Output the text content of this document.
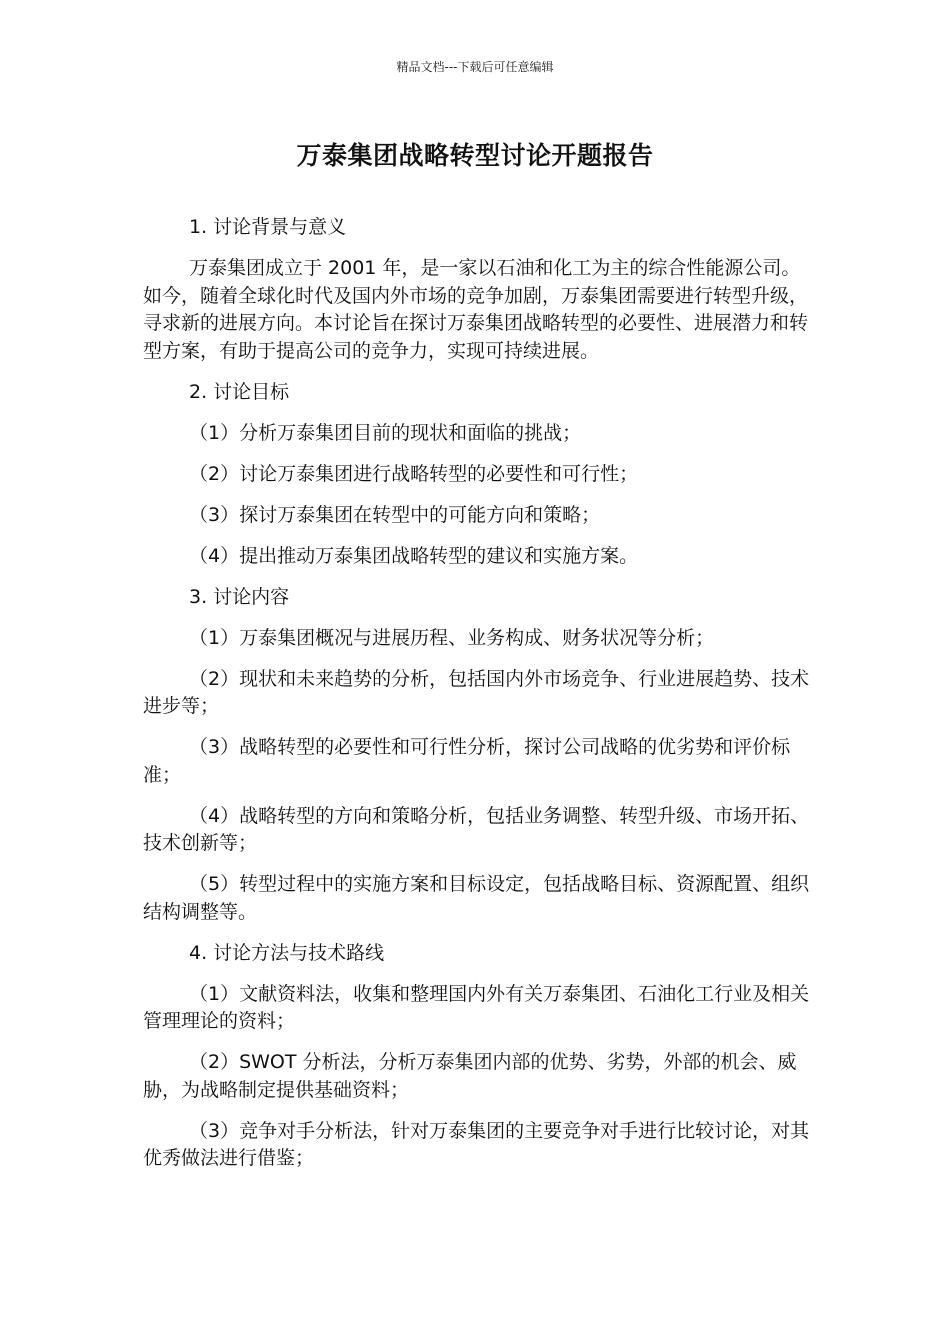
精品文档---下载后可任意编辑
万泰集团战略转型讨论开题报告

1. 讨论背景与意义

万泰集团成立于 2001 年，是一家以石油和化工为主的综合性能源公司。如今，随着全球化时代及国内外市场的竞争加剧，万泰集团需要进行转型升级，寻求新的进展方向。本讨论旨在探讨万泰集团战略转型的必要性、进展潜力和转型方案，有助于提高公司的竞争力，实现可持续进展。

2. 讨论目标

（1）分析万泰集团目前的现状和面临的挑战；

（2）讨论万泰集团进行战略转型的必要性和可行性；

（3）探讨万泰集团在转型中的可能方向和策略；

（4）提出推动万泰集团战略转型的建议和实施方案。

3. 讨论内容

（1）万泰集团概况与进展历程、业务构成、财务状况等分析；

（2）现状和未来趋势的分析，包括国内外市场竞争、行业进展趋势、技术进步等；

（3）战略转型的必要性和可行性分析，探讨公司战略的优劣势和评价标准；

（4）战略转型的方向和策略分析，包括业务调整、转型升级、市场开拓、技术创新等；

（5）转型过程中的实施方案和目标设定，包括战略目标、资源配置、组织结构调整等。

4. 讨论方法与技术路线

（1）文献资料法，收集和整理国内外有关万泰集团、石油化工行业及相关管理理论的资料；

（2）SWOT 分析法，分析万泰集团内部的优势、劣势，外部的机会、威胁，为战略制定提供基础资料；

（3）竞争对手分析法，针对万泰集团的主要竞争对手进行比较讨论，对其优秀做法进行借鉴；
